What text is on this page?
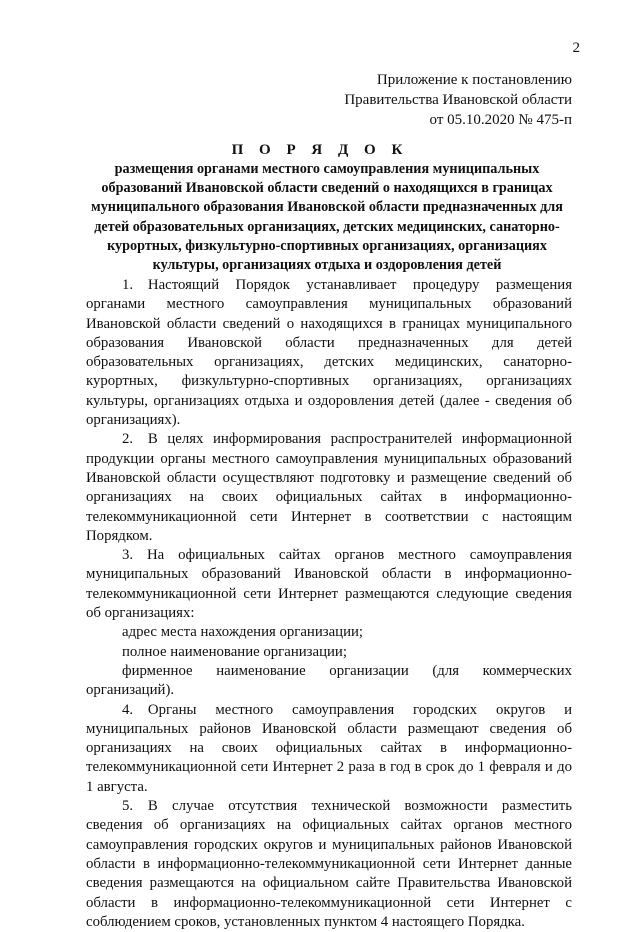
2
Приложение к постановлению
Правительства Ивановской области
от 05.10.2020 № 475-п
П О Р Я Д О К
размещения органами местного самоуправления муниципальных образований Ивановской области сведений о находящихся в границах муниципального образования Ивановской области предназначенных для детей образовательных организациях, детских медицинских, санаторно-курортных, физкультурно-спортивных организациях, организациях культуры, организациях отдыха и оздоровления детей

1. Настоящий Порядок устанавливает процедуру размещения органами местного самоуправления муниципальных образований Ивановской области сведений о находящихся в границах муниципального образования Ивановской области предназначенных для детей образовательных организациях, детских медицинских, санаторно-курортных, физкультурно-спортивных организациях, организациях культуры, организациях отдыха и оздоровления детей (далее - сведения об организациях).

2. В целях информирования распространителей информационной продукции органы местного самоуправления муниципальных образований Ивановской области осуществляют подготовку и размещение сведений об организациях на своих официальных сайтах в информационно-телекоммуникационной сети Интернет в соответствии с настоящим Порядком.

3. На официальных сайтах органов местного самоуправления муниципальных образований Ивановской области в информационно-телекоммуникационной сети Интернет размещаются следующие сведения об организациях:

адрес места нахождения организации;

полное наименование организации;

фирменное наименование организации (для коммерческих организаций).

4. Органы местного самоуправления городских округов и муниципальных районов Ивановской области размещают сведения об организациях на своих официальных сайтах в информационно-телекоммуникационной сети Интернет 2 раза в год в срок до 1 февраля и до 1 августа.

5. В случае отсутствия технической возможности разместить сведения об организациях на официальных сайтах органов местного самоуправления городских округов и муниципальных районов Ивановской области в информационно-телекоммуникационной сети Интернет данные сведения размещаются на официальном сайте Правительства Ивановской области в информационно-телекоммуникационной сети Интернет с соблюдением сроков, установленных пунктом 4 настоящего Порядка.
